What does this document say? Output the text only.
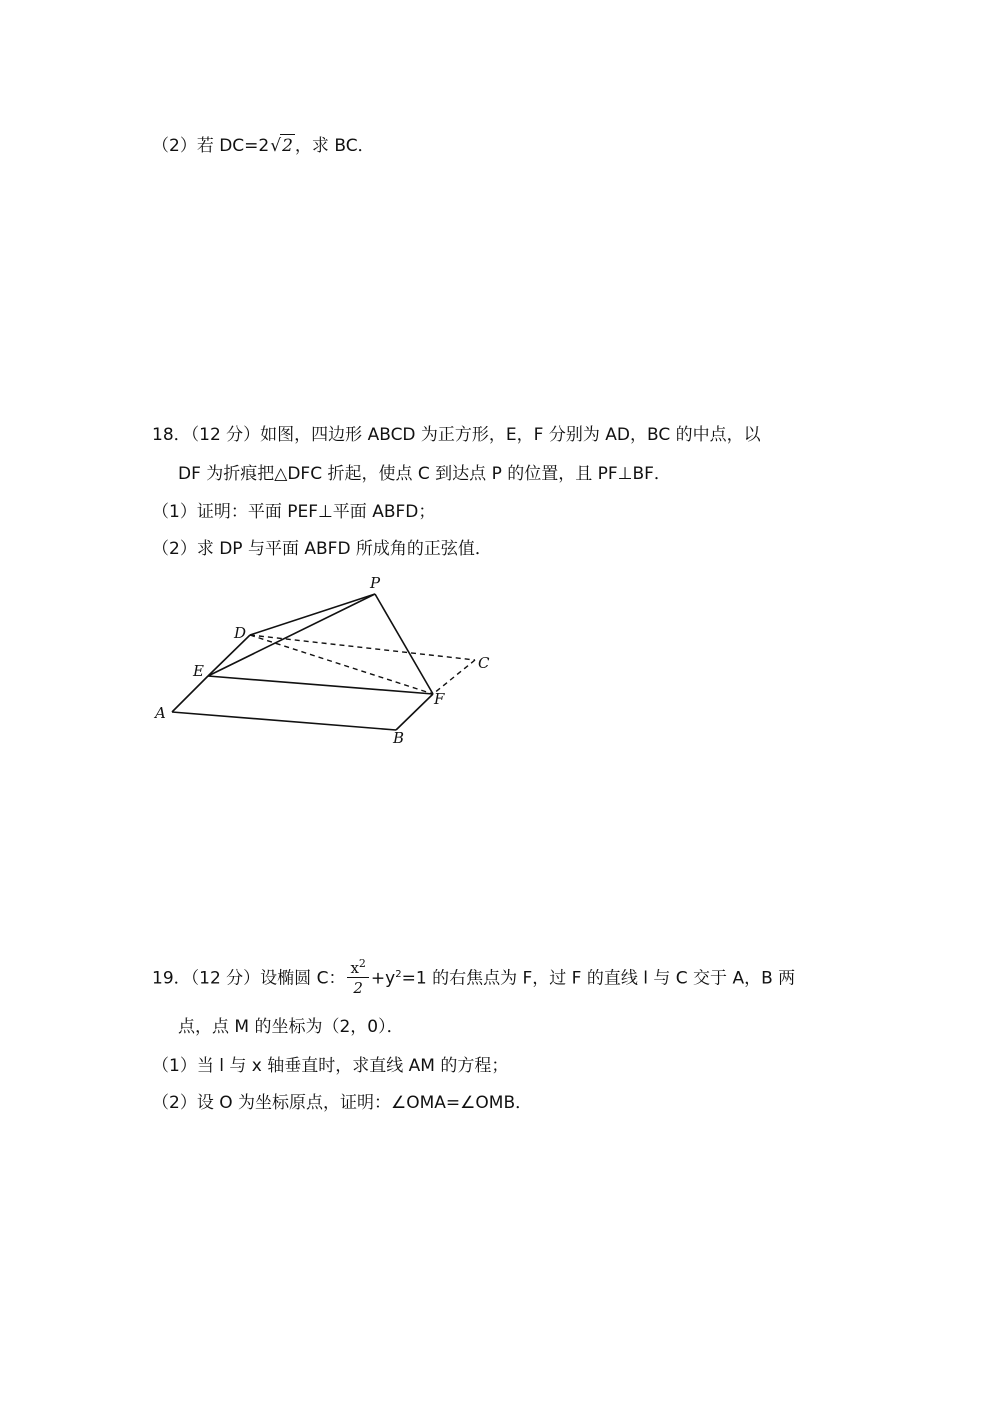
（2）若 DC=2√2 ，求 BC．
18．（12 分）如图，四边形 ABCD 为正方形，E，F 分别为 AD，BC 的中点，以
DF 为折痕把△DFC 折起，使点 C 到达点 P 的位置，且 PF⊥BF．
（1）证明：平面 PEF⊥平面 ABFD；
（2）求 DP 与平面 ABFD 所成角的正弦值．
P
D
C
E
F
A
B
19．（12 分）设椭圆 C： $\frac{x^2}{2} +y^2=1$ 的右焦点为 F，过 F 的直线 l 与 C 交于 A，B 两
点，点 M 的坐标为（2，0）．
（1）当 l 与 x 轴垂直时，求直线 AM 的方程；
（2）设 O 为坐标原点，证明：∠OMA=∠OMB．
